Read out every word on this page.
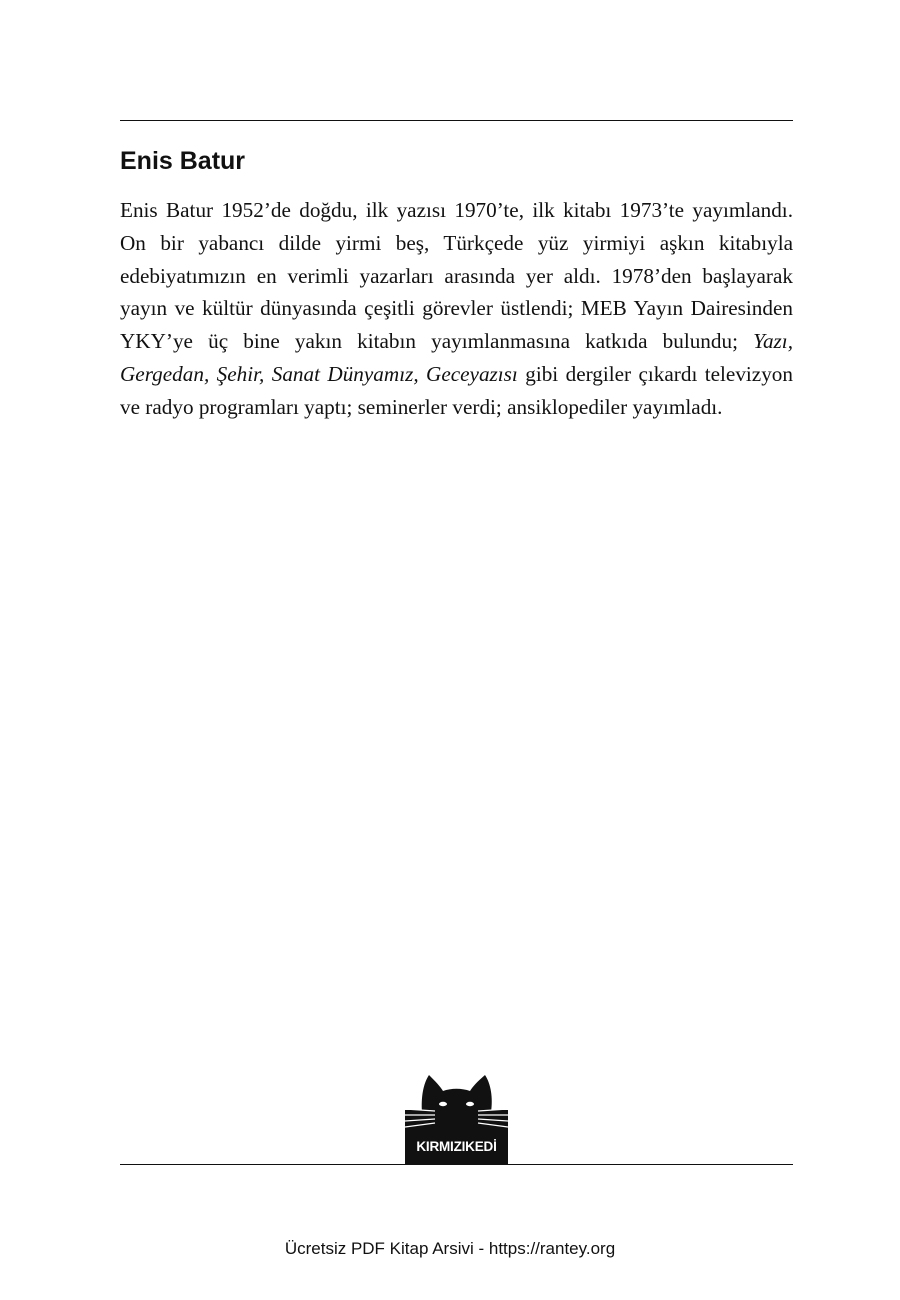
Enis Batur

Enis Batur 1952’de doğdu, ilk yazısı 1970’te, ilk kitabı 1973’te yayımlandı. On bir yabancı dilde yirmi beş, Türkçede yüz yirmiyi aşkın kitabıyla edebiyatımızın en verimli yazarları arasında yer aldı. 1978’den başlayarak yayın ve kültür dünyasında çeşitli görevler üstlendi; MEB Yayın Dairesinden YKY’ye üç bine yakın kitabın yayımlanmasına katkıda bulundu; Yazı, Gergedan, Şehir, Sanat Dünyamız, Geceyazısı gibi dergiler çıkardı televizyon ve radyo programları yaptı; seminerler verdi; ansiklopediler yayımladı.

KIRMIZIKEDİ
Ücretsiz PDF Kitap Arsivi - https://rantey.org
